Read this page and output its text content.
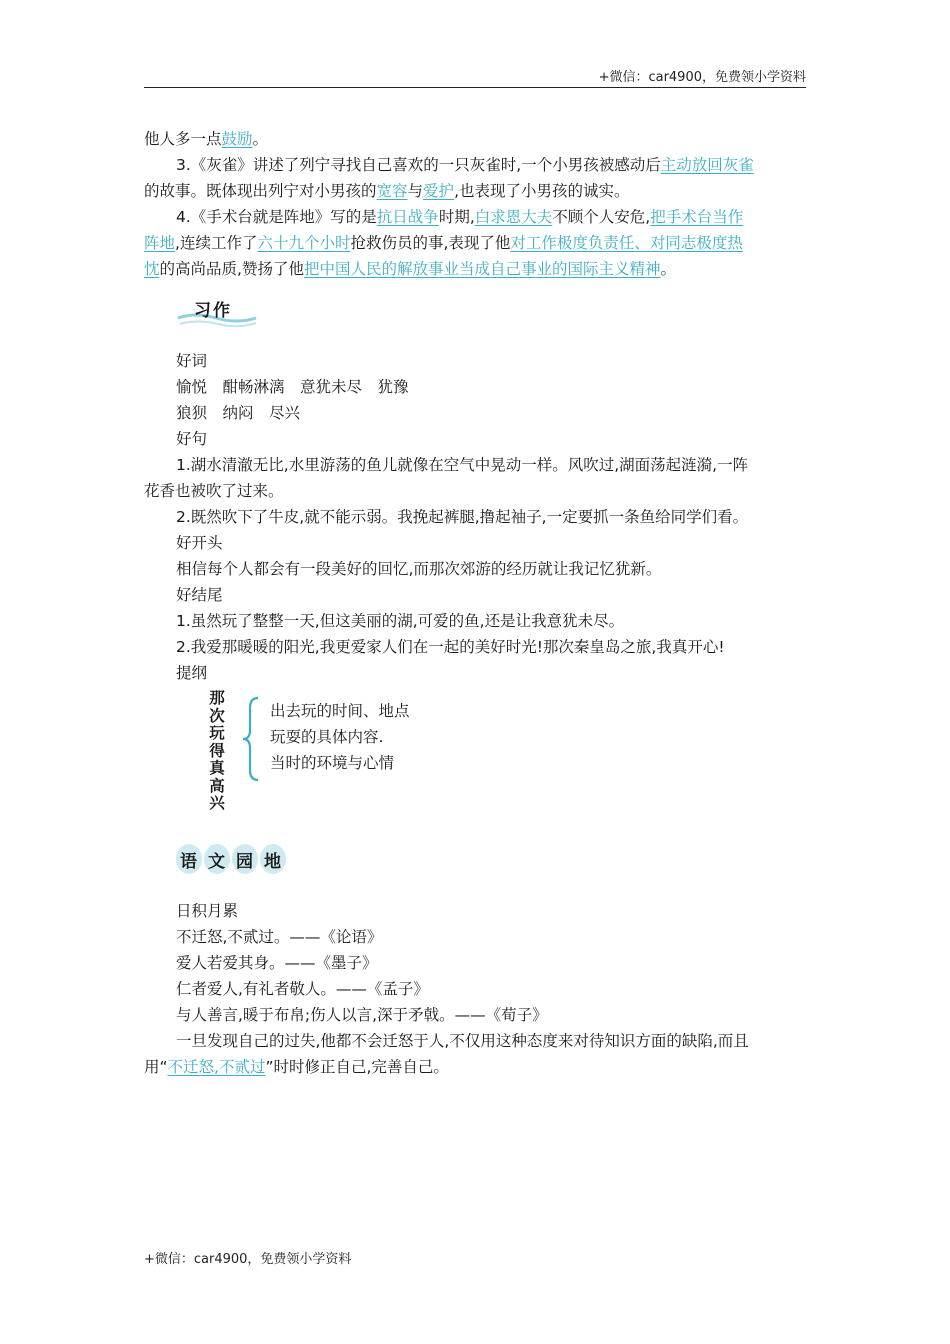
+微信：car4900，免费领小学资料

他人多一点鼓励。

3.《灰雀》讲述了列宁寻找自己喜欢的一只灰雀时,一个小男孩被感动后主动放回灰雀
的故事。既体现出列宁对小男孩的宽容与爱护,也表现了小男孩的诚实。

4.《手术台就是阵地》写的是抗日战争时期,白求恩大夫不顾个人安危,把手术台当作
阵地,连续工作了六十九个小时抢救伤员的事,表现了他对工作极度负责任、对同志极度热
忱的高尚品质,赞扬了他把中国人民的解放事业当成自己事业的国际主义精神。

习作

好词

愉悦　酣畅淋漓　意犹未尽　犹豫

狼狈　纳闷　尽兴

好句

1.湖水清澈无比,水里游荡的鱼儿就像在空气中晃动一样。风吹过,湖面荡起涟漪,一阵
花香也被吹了过来。

2.既然吹下了牛皮,就不能示弱。我挽起裤腿,撸起袖子,一定要抓一条鱼给同学们看。

好开头

相信每个人都会有一段美好的回忆,而那次郊游的经历就让我记忆犹新。

好结尾

1.虽然玩了整整一天,但这美丽的湖,可爱的鱼,还是让我意犹未尽。

2.我爱那暖暖的阳光,我更爱家人们在一起的美好时光!那次秦皇岛之旅,我真开心!

提纲

那
次
玩
得
真
高
兴
出去玩的时间、地点
玩耍的具体内容.
当时的环境与心情
语 文 园 地

日积月累

不迁怒,不贰过。——《论语》

爱人若爱其身。——《墨子》

仁者爱人,有礼者敬人。——《孟子》

与人善言,暖于布帛;伤人以言,深于矛戟。——《荀子》

一旦发现自己的过失,他都不会迁怒于人,不仅用这种态度来对待知识方面的缺陷,而且
用“不迁怒,不贰过”时时修正自己,完善自己。

+微信：car4900，免费领小学资料
